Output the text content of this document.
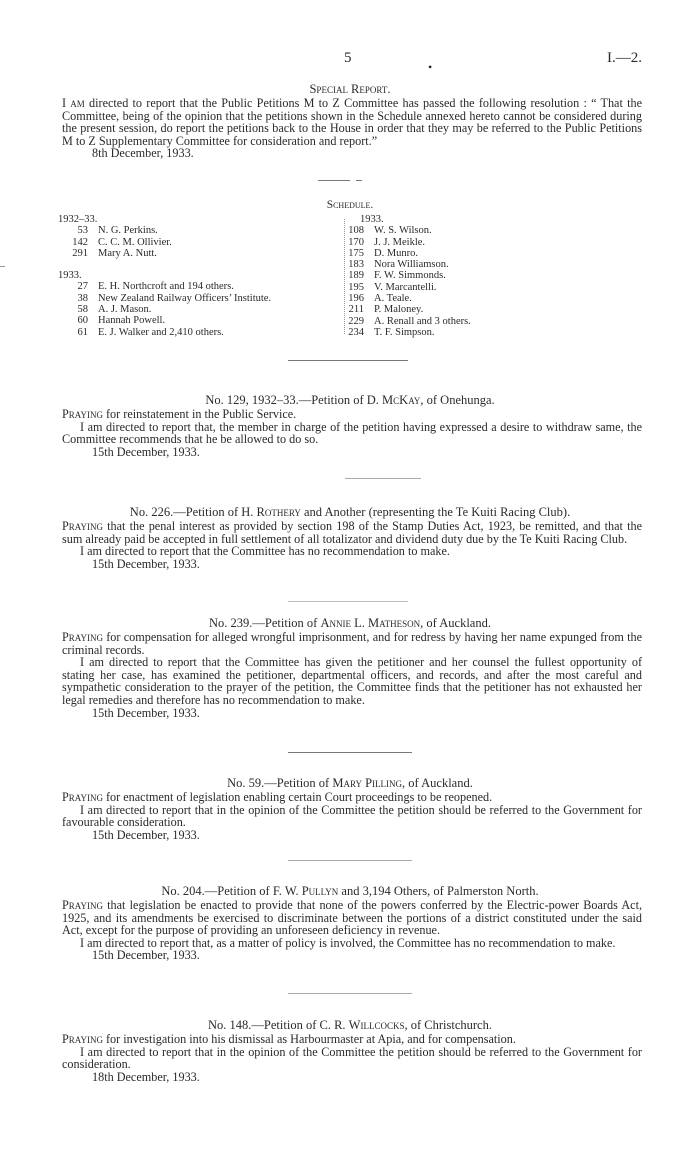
5
•
I.—2.
Special Report.

I am directed to report that the Public Petitions M to Z Committee has passed the following resolution : “ That the Committee, being of the opinion that the petitions shown in the Schedule annexed hereto cannot be considered during the present session, do report the petitions back to the House in order that they may be referred to the Public Petitions M to Z Supplementary Committee for consideration and report.”

8th December, 1933.

Schedule.
1932–33.
53 N. G. Perkins.
142 C. C. M. Ollivier.
291 Mary A. Nutt.
1933.
27 E. H. Northcroft and 194 others.
38 New Zealand Railway Officers’ Institute.
58 A. J. Mason.
60 Hannah Powell.
61 E. J. Walker and 2,410 others.
1933.
108 W. S. Wilson.
170 J. J. Meikle.
175 D. Munro.
183 Nora Williamson.
189 F. W. Simmonds.
195 V. Marcantelli.
196 A. Teale.
211 P. Maloney.
229 A. Renall and 3 others.
234 T. F. Simpson.
No. 129, 1932–33.—Petition of D. McKay, of Onehunga.

Praying for reinstatement in the Public Service.

I am directed to report that, the member in charge of the petition having expressed a desire to withdraw same, the Committee recommends that he be allowed to do so.

15th December, 1933.

No. 226.—Petition of H. Rothery and Another (representing the Te Kuiti Racing Club).

Praying that the penal interest as provided by section 198 of the Stamp Duties Act, 1923, be remitted, and that the sum already paid be accepted in full settlement of all totalizator and dividend duty due by the Te Kuiti Racing Club.

I am directed to report that the Committee has no recommendation to make.

15th December, 1933.

No. 239.—Petition of Annie L. Matheson, of Auckland.

Praying for compensation for alleged wrongful imprisonment, and for redress by having her name expunged from the criminal records.

I am directed to report that the Committee has given the petitioner and her counsel the fullest opportunity of stating her case, has examined the petitioner, departmental officers, and records, and after the most careful and sympathetic consideration to the prayer of the petition, the Committee finds that the petitioner has not exhausted her legal remedies and therefore has no recommendation to make.

15th December, 1933.

No. 59.—Petition of Mary Pilling, of Auckland.

Praying for enactment of legislation enabling certain Court proceedings to be reopened.

I am directed to report that in the opinion of the Committee the petition should be referred to the Government for favourable consideration.

15th December, 1933.

No. 204.—Petition of F. W. Pullyn and 3,194 Others, of Palmerston North.

Praying that legislation be enacted to provide that none of the powers conferred by the Electric-power Boards Act, 1925, and its amendments be exercised to discriminate between the portions of a district constituted under the said Act, except for the purpose of providing an unforeseen deficiency in revenue.

I am directed to report that, as a matter of policy is involved, the Committee has no recommendation to make.

15th December, 1933.

No. 148.—Petition of C. R. Willcocks, of Christchurch.

Praying for investigation into his dismissal as Harbourmaster at Apia, and for compensation.

I am directed to report that in the opinion of the Committee the petition should be referred to the Government for consideration.

18th December, 1933.
